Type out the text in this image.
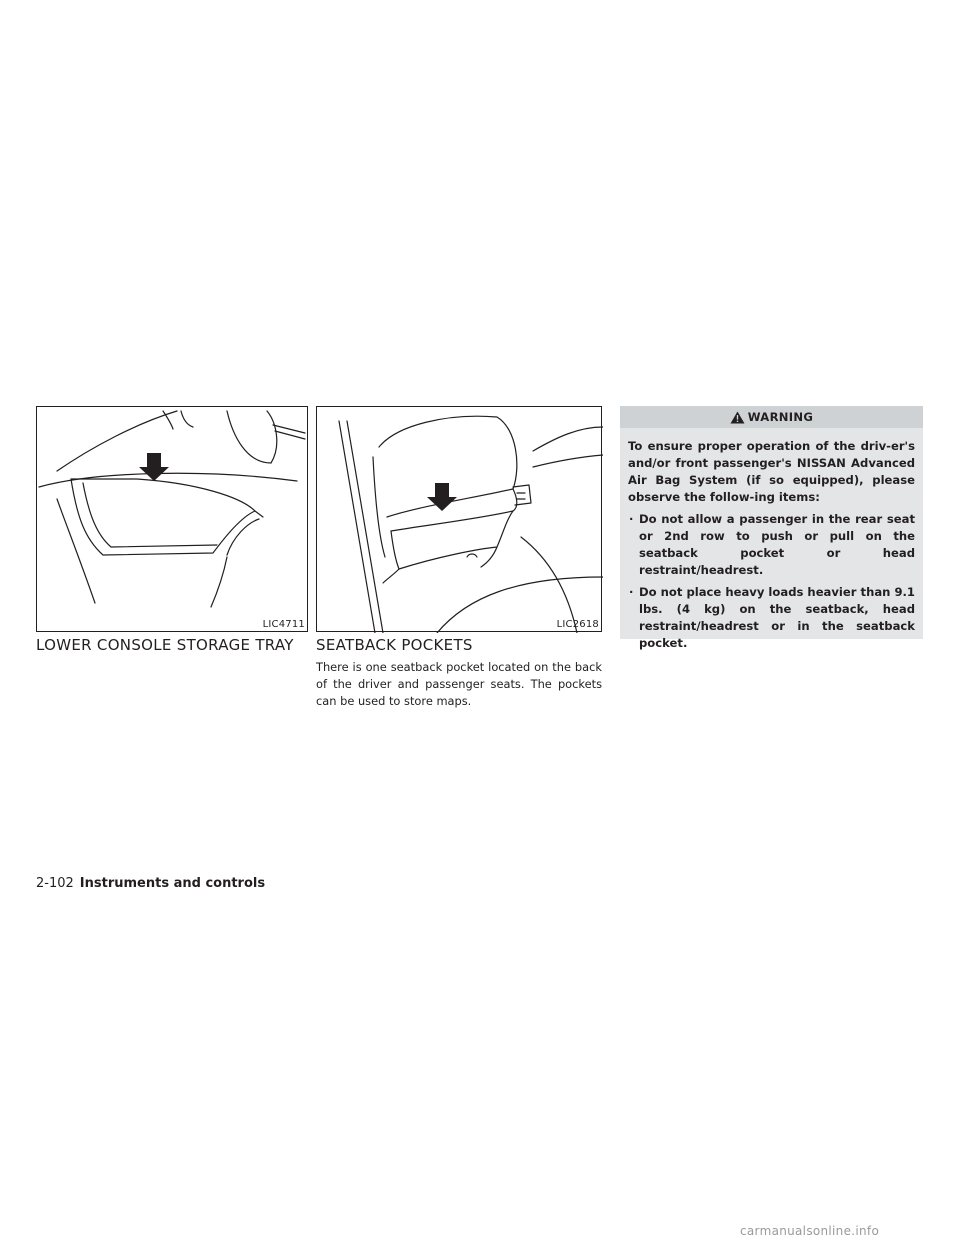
LIC4711	LIC2618
LOWER CONSOLE STORAGE TRAY SEATBACK POCKETS

There is one seatback pocket located on the back of the driver and passenger seats. The pockets can be used to store maps.

WARNING

To ensure proper operation of the driv-er's and/or front passenger's NISSAN Advanced Air Bag System (if so equipped), please observe the follow-ing items:

· Do not allow a passenger in the rear seat or 2nd row to push or pull on the seatback pocket or head restraint/headrest.
· Do not place heavy loads heavier than 9.1 lbs. (4 kg) on the seatback, head restraint/headrest or in the seatback pocket.
2-102 Instruments and controls
carmanualsonline.info
